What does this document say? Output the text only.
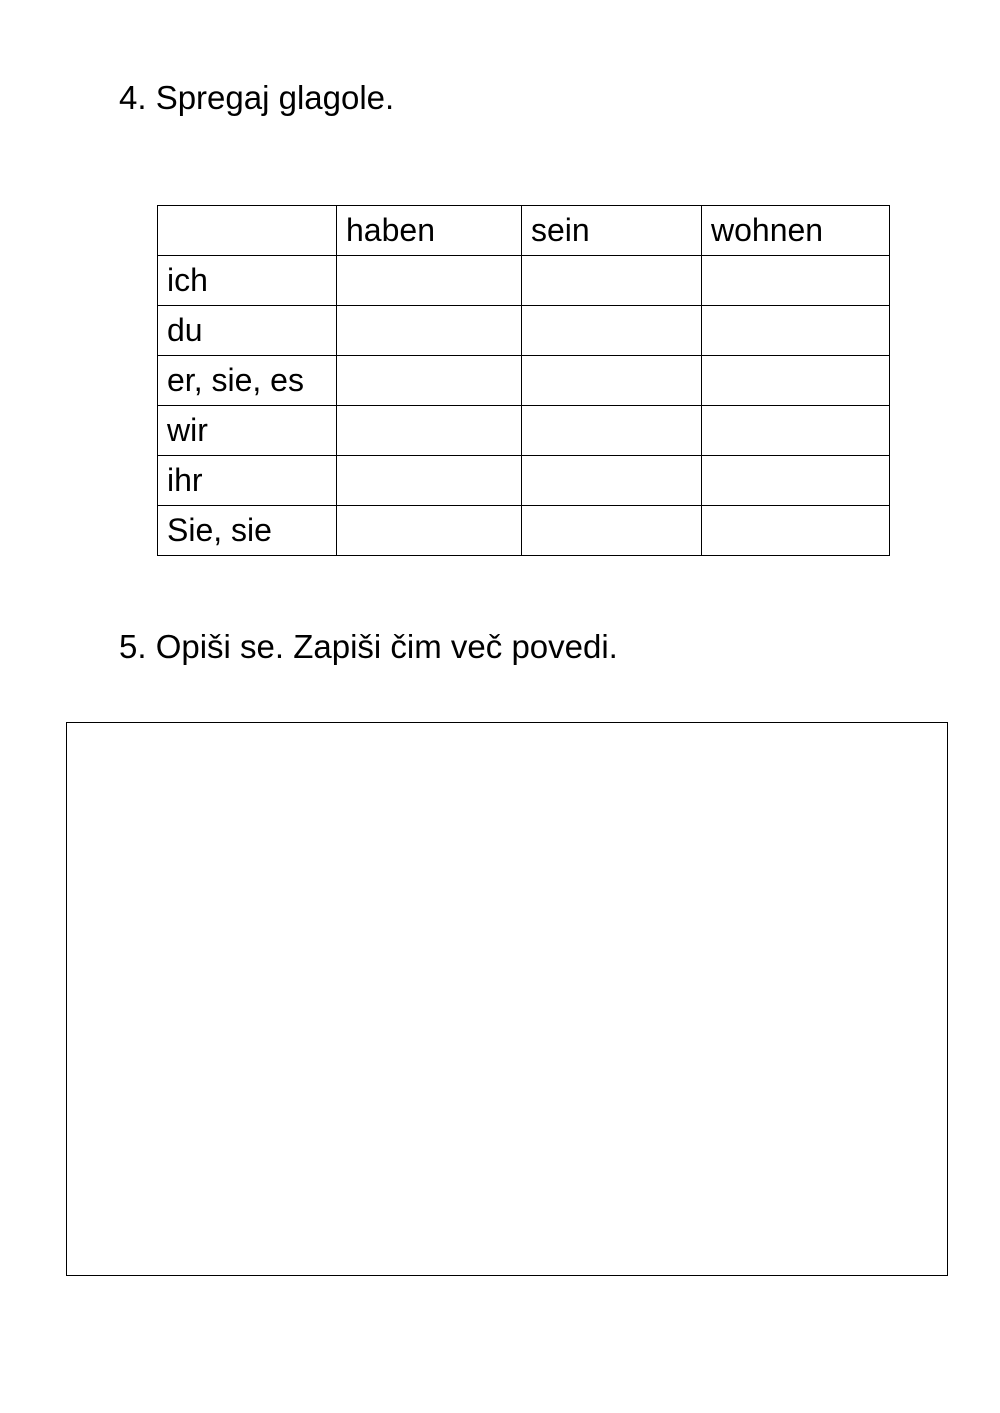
4. Spregaj glagole.
	haben	sein	wohnen
ich			
du			
er, sie, es			
wir			
ihr			
Sie, sie			
5. Opiši se. Zapiši čim več povedi.
